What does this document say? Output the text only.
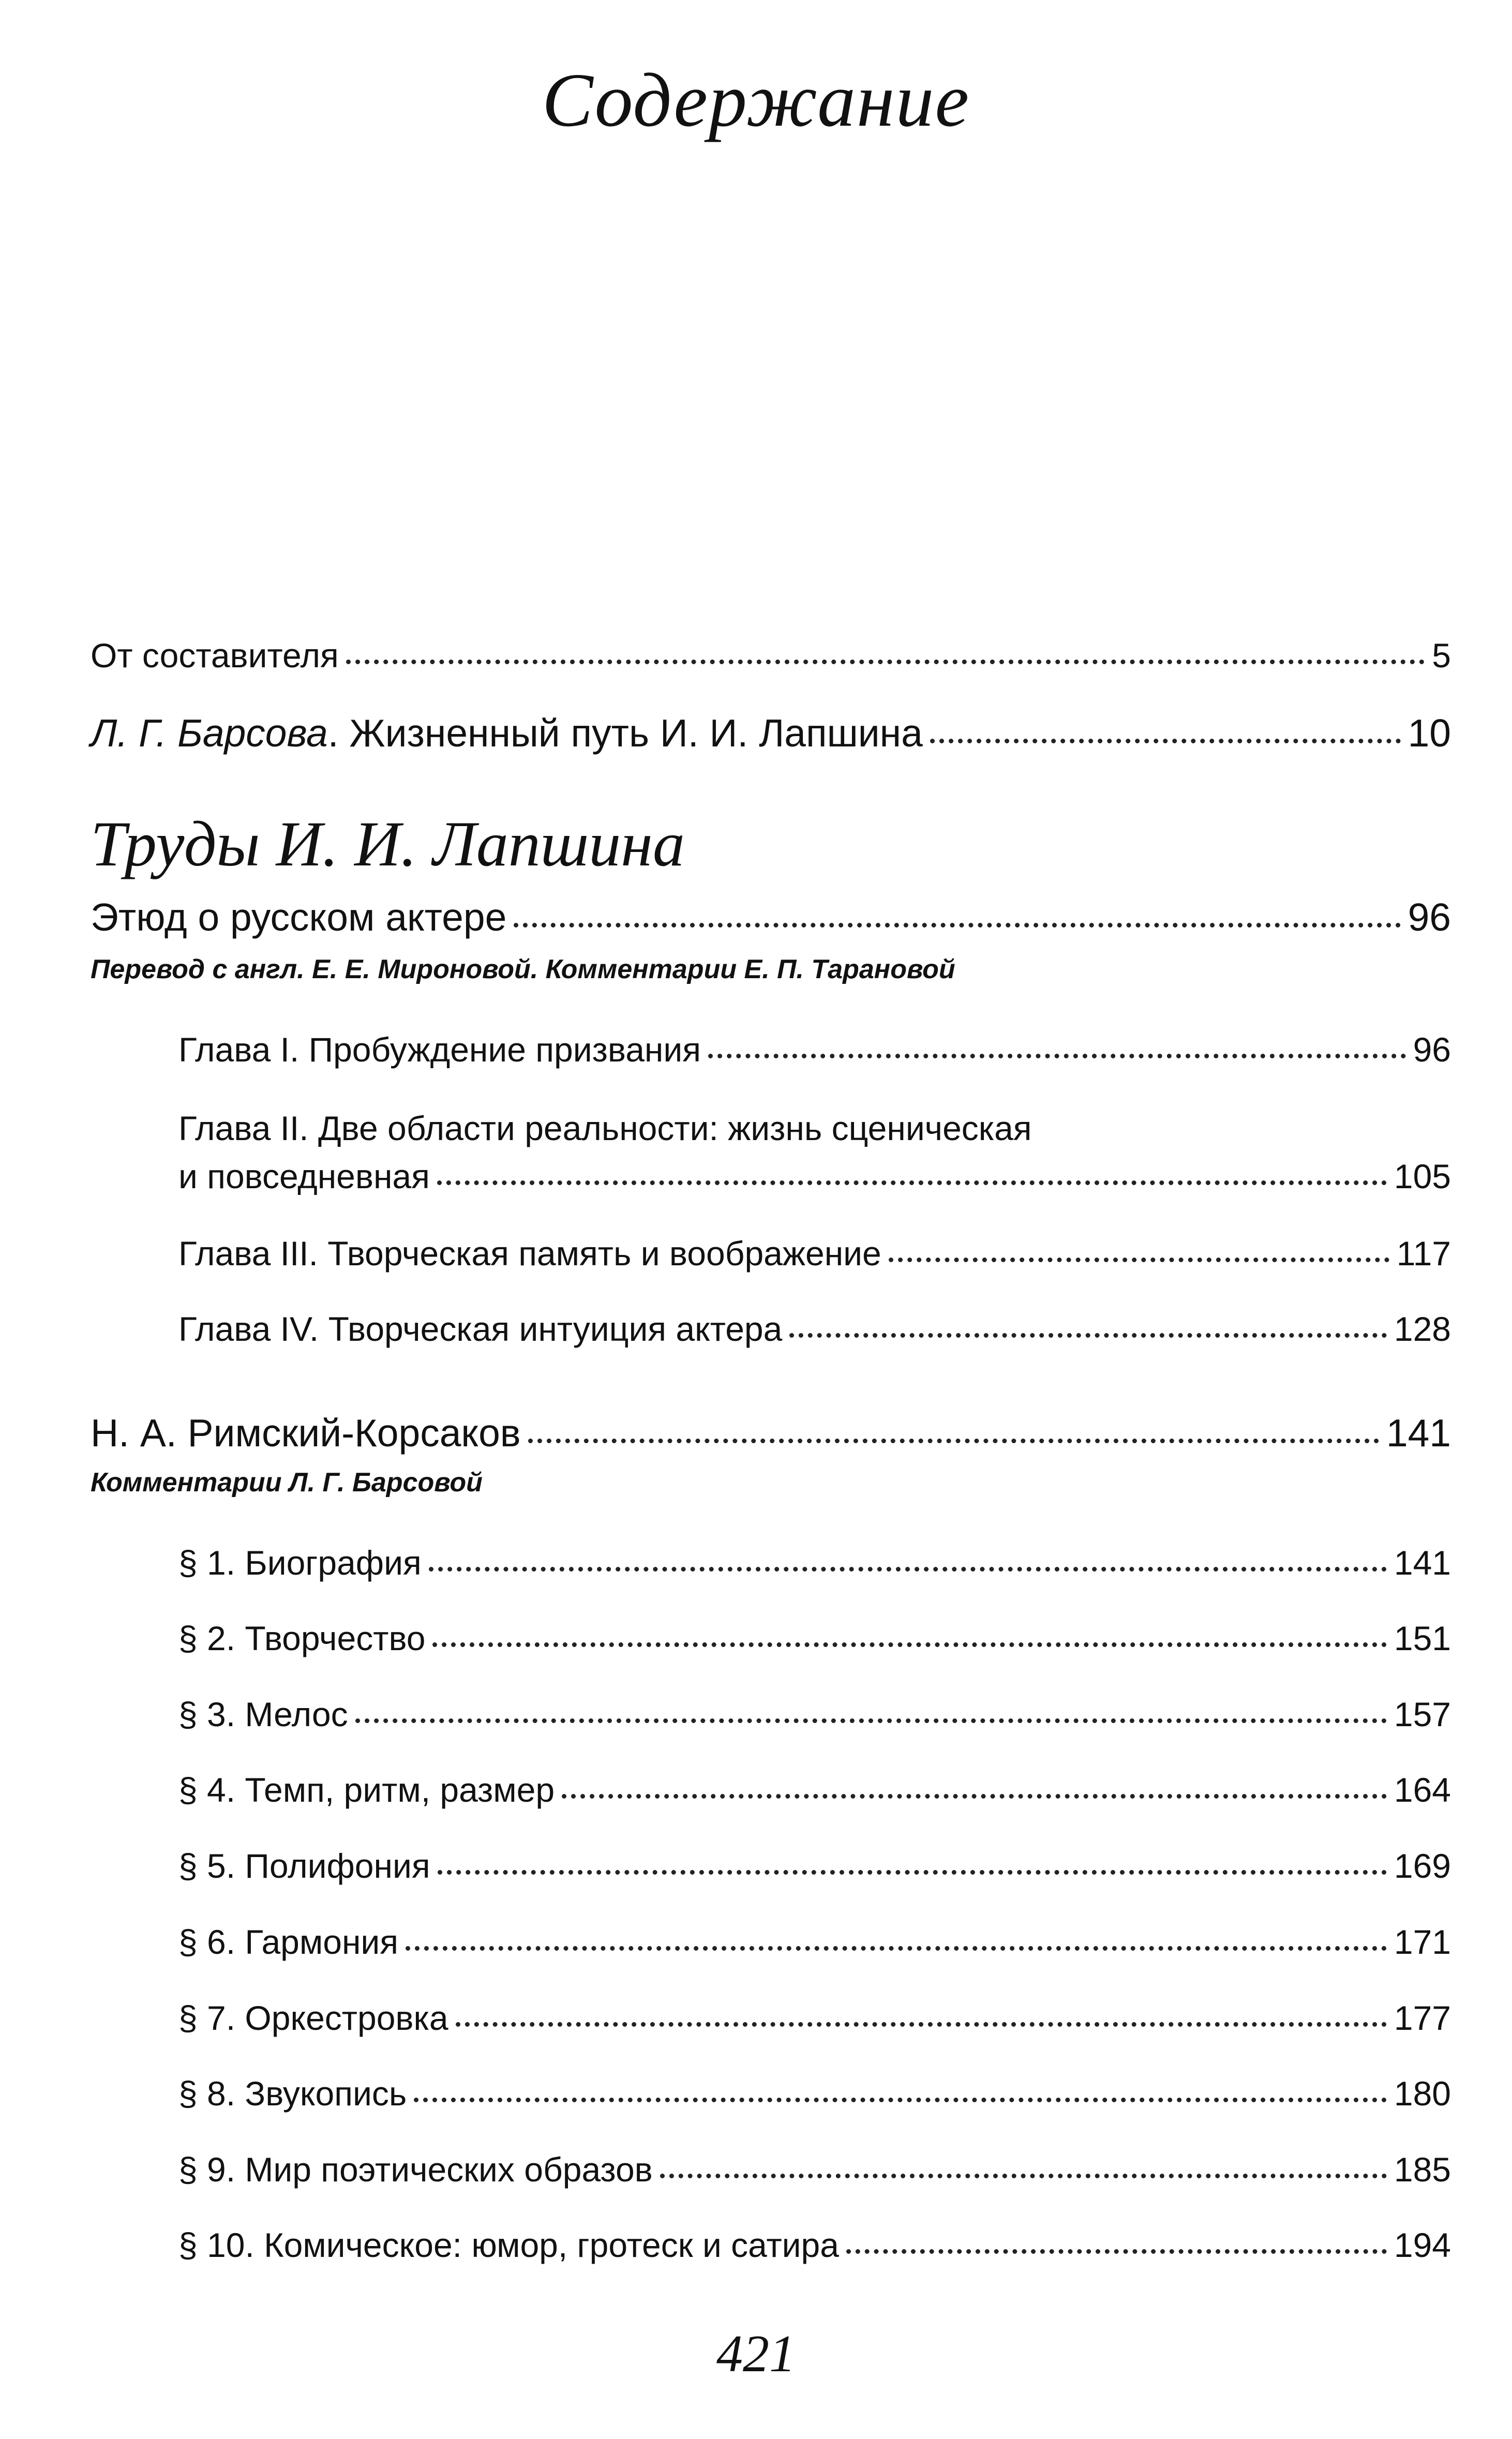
Содержание
От составителя	5
Л. Г. Барсова. Жизненный путь И. И. Лапшина	10
Труды И. И. Лапшина
Этюд о русском актере	96
Перевод с англ. Е. Е. Мироновой. Комментарии Е. П. Тарановой
Глава I. Пробуждение призвания	96
Глава II. Две области реальности: жизнь сценическая
и повседневная	105
Глава III. Творческая память и воображение	117
Глава IV. Творческая интуиция актера	128
Н. А. Римский-Корсаков	141
Комментарии Л. Г. Барсовой
§ 1. Биография	141
§ 2. Творчество	151
§ 3. Мелос	157
§ 4. Темп, ритм, размер	164
§ 5. Полифония	169
§ 6. Гармония	171
§ 7. Оркестровка	177
§ 8. Звукопись	180
§ 9. Мир поэтических образов	185
§ 10. Комическое: юмор, гротеск и сатира	194
421
